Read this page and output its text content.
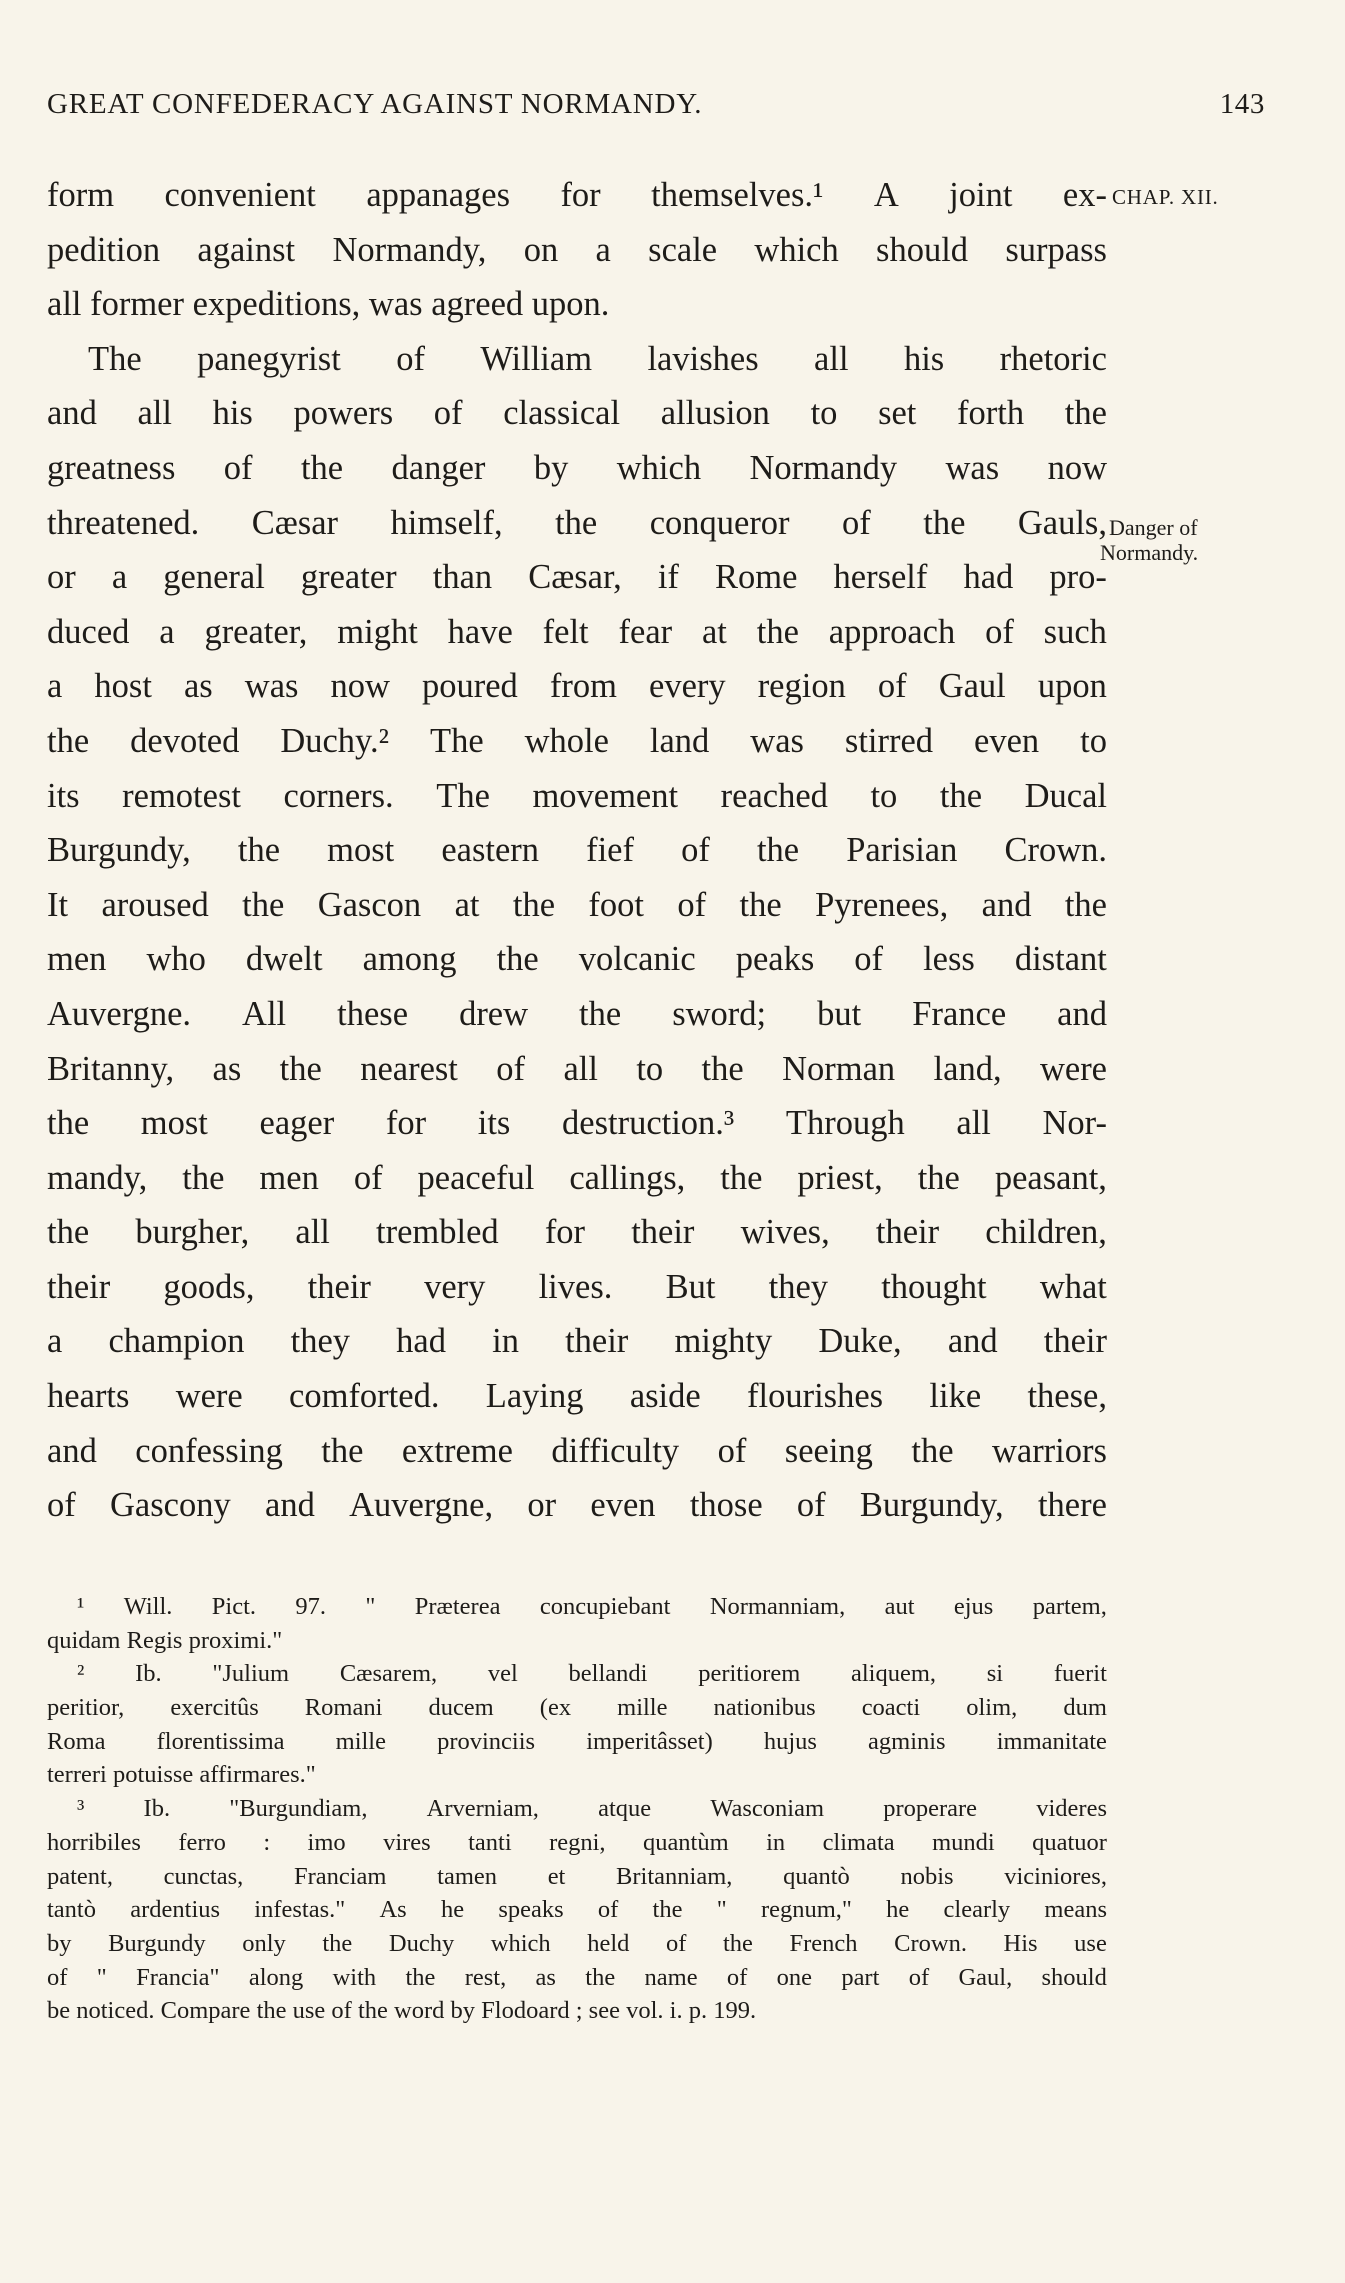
GREAT CONFEDERACY AGAINST NORMANDY.	143
CHAP. XII.
Danger of
Normandy.
form convenient appanages for themselves.¹ A joint ex-
pedition against Normandy, on a scale which should surpass
all former expeditions, was agreed upon.
The panegyrist of William lavishes all his rhetoric
and all his powers of classical allusion to set forth the
greatness of the danger by which Normandy was now
threatened. Cæsar himself, the conqueror of the Gauls,
or a general greater than Cæsar, if Rome herself had pro-
duced a greater, might have felt fear at the approach of such
a host as was now poured from every region of Gaul upon
the devoted Duchy.² The whole land was stirred even to
its remotest corners. The movement reached to the Ducal
Burgundy, the most eastern fief of the Parisian Crown.
It aroused the Gascon at the foot of the Pyrenees, and the
men who dwelt among the volcanic peaks of less distant
Auvergne. All these drew the sword; but France and
Britanny, as the nearest of all to the Norman land, were
the most eager for its destruction.³ Through all Nor-
mandy, the men of peaceful callings, the priest, the peasant,
the burgher, all trembled for their wives, their children,
their goods, their very lives. But they thought what
a champion they had in their mighty Duke, and their
hearts were comforted. Laying aside flourishes like these,
and confessing the extreme difficulty of seeing the warriors
of Gascony and Auvergne, or even those of Burgundy, there
¹ Will. Pict. 97. " Præterea concupiebant Normanniam, aut ejus partem,
quidam Regis proximi."
² Ib. "Julium Cæsarem, vel bellandi peritiorem aliquem, si fuerit
peritior, exercitûs Romani ducem (ex mille nationibus coacti olim, dum
Roma florentissima mille provinciis imperitâsset) hujus agminis immanitate
terreri potuisse affirmares."
³ Ib. "Burgundiam, Arverniam, atque Wasconiam properare videres
horribiles ferro : imo vires tanti regni, quantùm in climata mundi quatuor
patent, cunctas, Franciam tamen et Britanniam, quantò nobis viciniores,
tantò ardentius infestas." As he speaks of the " regnum," he clearly means
by Burgundy only the Duchy which held of the French Crown. His use
of " Francia" along with the rest, as the name of one part of Gaul, should
be noticed. Compare the use of the word by Flodoard ; see vol. i. p. 199.
